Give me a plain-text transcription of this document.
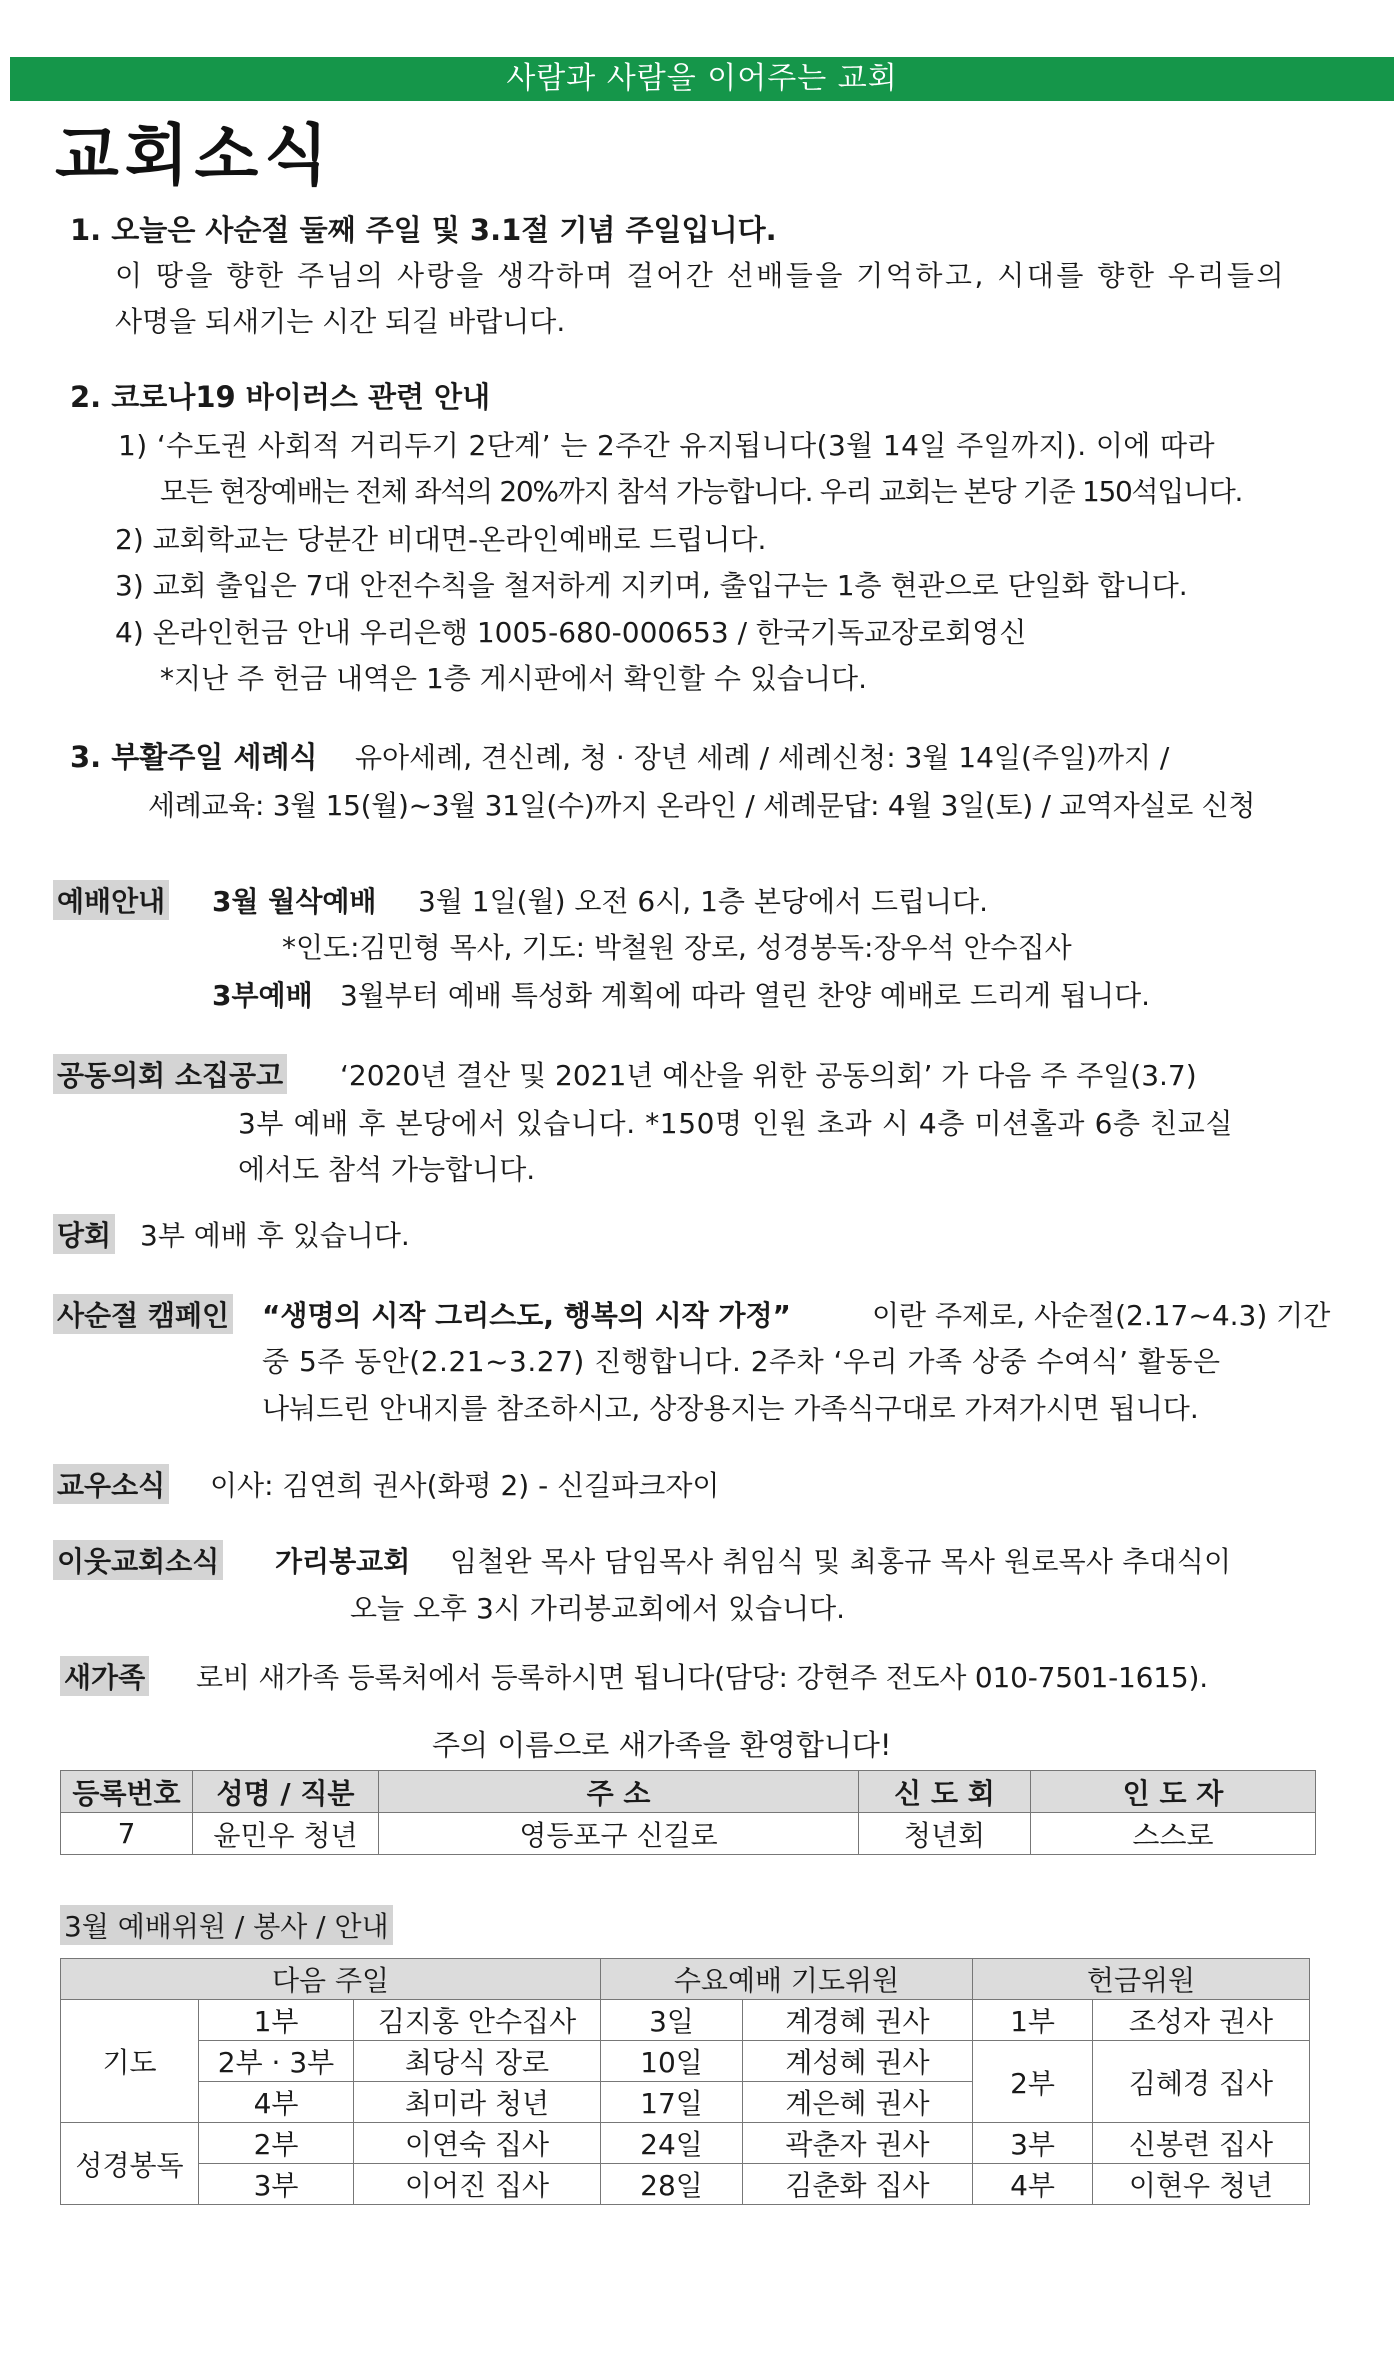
사람과 사람을 이어주는 교회
교회소식
1. 오늘은 사순절 둘째 주일 및 3.1절 기념 주일입니다.
이 땅을 향한 주님의 사랑을 생각하며 걸어간 선배들을 기억하고, 시대를 향한 우리들의
사명을 되새기는 시간 되길 바랍니다.
2. 코로나19 바이러스 관련 안내
1) ‘수도권 사회적 거리두기 2단계’ 는 2주간 유지됩니다(3월 14일 주일까지). 이에 따라
모든 현장예배는 전체 좌석의 20%까지 참석 가능합니다. 우리 교회는 본당 기준 150석입니다.
2) 교회학교는 당분간 비대면-온라인예배로 드립니다.
3) 교회 출입은 7대 안전수칙을 철저하게 지키며, 출입구는 1층 현관으로 단일화 합니다.
4) 온라인헌금 안내 우리은행 1005-680-000653 / 한국기독교장로회영신
*지난 주 헌금 내역은 1층 게시판에서 확인할 수 있습니다.
3. 부활주일 세례식 유아세례, 견신례, 청 · 장년 세례 / 세례신청: 3월 14일(주일)까지 /
세례교육: 3월 15(월)~3월 31일(수)까지 온라인 / 세례문답: 4월 3일(토) / 교역자실로 신청
예배안내 3월 월삭예배 3월 1일(월) 오전 6시, 1층 본당에서 드립니다.
*인도:김민형 목사, 기도: 박철원 장로, 성경봉독:장우석 안수집사
3부예배 3월부터 예배 특성화 계획에 따라 열린 찬양 예배로 드리게 됩니다.
공동의회 소집공고 ‘2020년 결산 및 2021년 예산을 위한 공동의회’ 가 다음 주 주일(3.7)
3부 예배 후 본당에서 있습니다. *150명 인원 초과 시 4층 미션홀과 6층 친교실
에서도 참석 가능합니다.
당회 3부 예배 후 있습니다.
사순절 캠페인 “생명의 시작 그리스도, 행복의 시작 가정”	이란 주제로, 사순절(2.17~4.3) 기간
중 5주 동안(2.21~3.27) 진행합니다. 2주차 ‘우리 가족 상중 수여식’ 활동은
나눠드린 안내지를 참조하시고, 상장용지는 가족식구대로 가져가시면 됩니다.
교우소식 이사: 김연희 권사(화평 2) - 신길파크자이
이웃교회소식 가리봉교회 임철완 목사 담임목사 취임식 및 최홍규 목사 원로목사 추대식이
오늘 오후 3시 가리봉교회에서 있습니다.
새가족 로비 새가족 등록처에서 등록하시면 됩니다(담당: 강현주 전도사 010-7501-1615).
주의 이름으로 새가족을 환영합니다!
등록번호	성명 / 직분	주 소	신 도 회	인 도 자
7	윤민우 청년	영등포구 신길로	청년회	스스로
3월 예배위원 / 봉사 / 안내
다음 주일			수요예배 기도위원		헌금위원	
기도	1부	김지홍 안수집사	3일	계경혜 권사	1부	조성자 권사
	2부 · 3부	최당식 장로	10일	계성혜 권사	2부	김혜경 집사
	4부	최미라 청년	17일	계은혜 권사		
성경봉독	2부	이연숙 집사	24일	곽춘자 권사	3부	신봉련 집사
	3부	이어진 집사	28일	김춘화 집사	4부	이현우 청년
